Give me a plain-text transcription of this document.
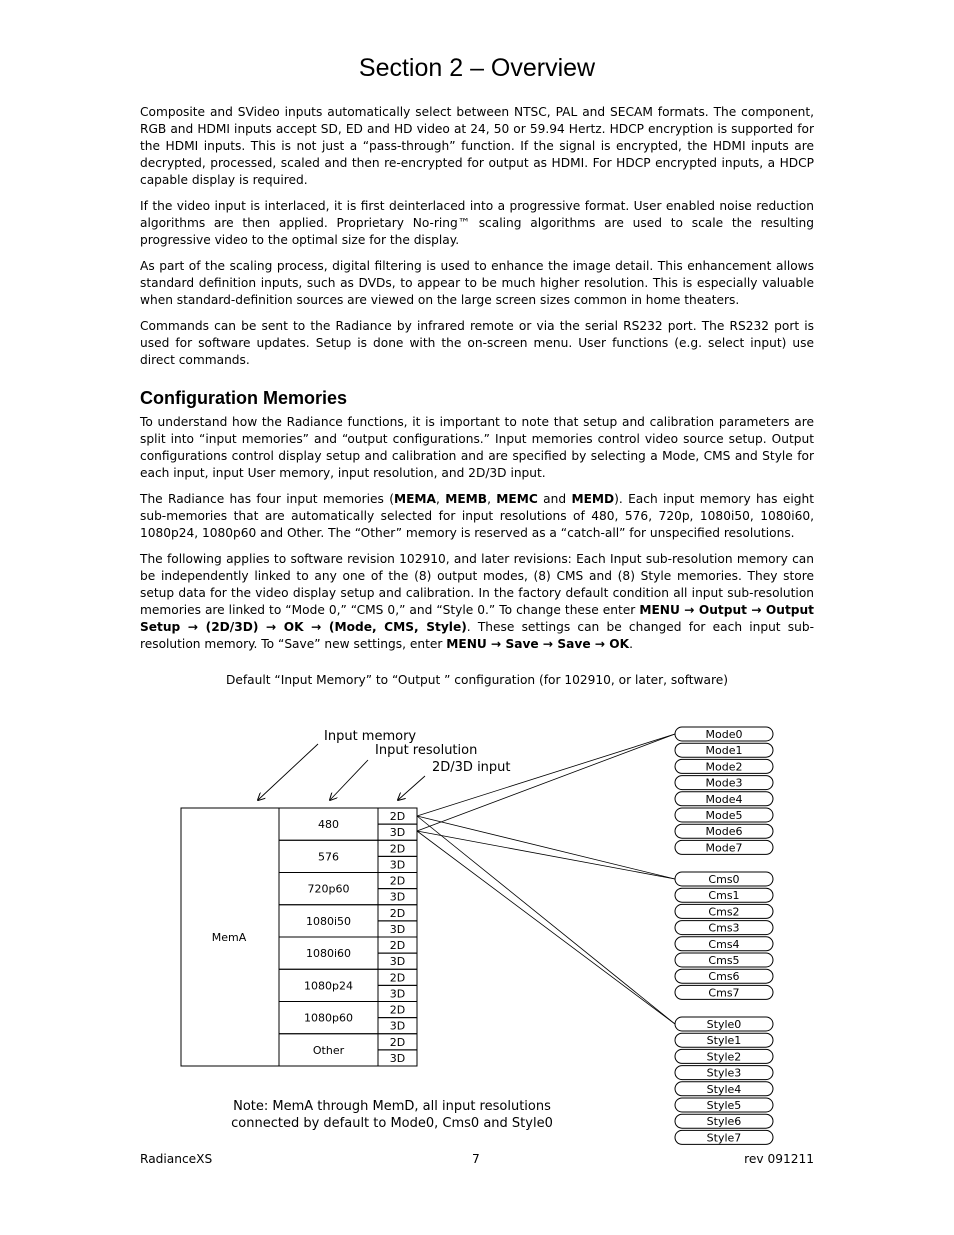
Section 2 – Overview

Composite and SVideo inputs automatically select between NTSC, PAL and SECAM formats. The component, RGB and HDMI inputs accept SD, ED and HD video at 24, 50 or 59.94 Hertz. HDCP encryption is supported for the HDMI inputs. This is not just a “pass-through” function. If the signal is encrypted, the HDMI inputs are decrypted, processed, scaled and then re-encrypted for output as HDMI. For HDCP encrypted inputs, a HDCP capable display is required.

If the video input is interlaced, it is first deinterlaced into a progressive format. User enabled noise reduction algorithms are then applied. Proprietary No-ring™ scaling algorithms are used to scale the resulting progressive video to the optimal size for the display.

As part of the scaling process, digital filtering is used to enhance the image detail. This enhancement allows standard definition inputs, such as DVDs, to appear to be much higher resolution. This is especially valuable when standard-definition sources are viewed on the large screen sizes common in home theaters.

Commands can be sent to the Radiance by infrared remote or via the serial RS232 port. The RS232 port is used for software updates. Setup is done with the on-screen menu. User functions (e.g. select input) use direct commands.

Configuration Memories

To understand how the Radiance functions, it is important to note that setup and calibration parameters are split into “input memories” and “output configurations.” Input memories control video source setup. Output configurations control display setup and calibration and are specified by selecting a Mode, CMS and Style for each input, input User memory, input resolution, and 2D/3D input.

The Radiance has four input memories (MEMA, MEMB, MEMC and MEMD). Each input memory has eight sub-memories that are automatically selected for input resolutions of 480, 576, 720p, 1080i50, 1080i60, 1080p24, 1080p60 and Other. The “Other” memory is reserved as a “catch-all” for unspecified resolutions.

The following applies to software revision 102910, and later revisions: Each Input sub-resolution memory can be independently linked to any one of the (8) output modes, (8) CMS and (8) Style memories. They store setup data for the video display setup and calibration. In the factory default condition all input sub-resolution memories are linked to “Mode 0,” “CMS 0,” and “Style 0.” To change these enter MENU → Output → Output Setup → (2D/3D) → OK → (Mode, CMS, Style). These settings can be changed for each input sub-resolution memory. To “Save” new settings, enter MENU → Save → Save → OK.

Default “Input Memory” to “Output ” configuration (for 102910, or later, software)
Input memory
Input resolution
2D/3D input
MemA
480
576
720p60
1080i50
1080i60
1080p24
1080p60
Other
2D
3D
2D
3D
2D
3D
2D
3D
2D
3D
2D
3D
2D
3D
2D
3D
Mode0
Mode1
Mode2
Mode3
Mode4
Mode5
Mode6
Mode7
Cms0
Cms1
Cms2
Cms3
Cms4
Cms5
Cms6
Cms7
Style0
Style1
Style2
Style3
Style4
Style5
Style6
Style7
Note: MemA through MemD, all input resolutions
connected by default to Mode0, Cms0 and Style0
RadianceXS	7	rev 091211
